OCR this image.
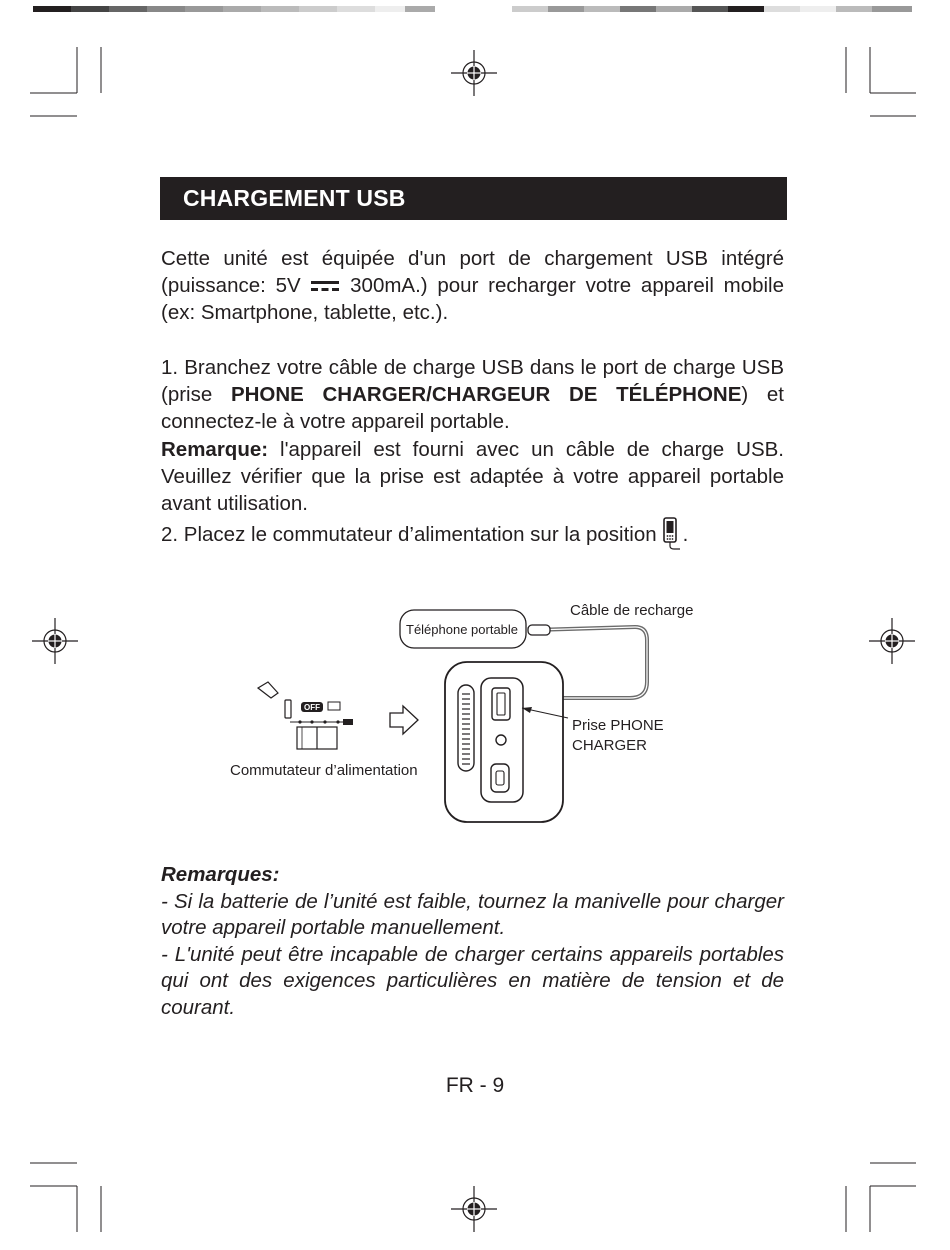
CHARGEMENT USB

Cette unité est équipée d'un port de chargement USB intégré (puissance: 5V 300mA.) pour recharger votre appareil mobile (ex: Smartphone, tablette, etc.).

1. Branchez votre câble de charge USB dans le port de charge USB (prise PHONE CHARGER/CHARGEUR DE TÉLÉPHONE) et connectez-le à votre appareil portable.
Remarque: l'appareil est fourni avec un câble de charge USB. Veuillez vérifier que la prise est adaptée à votre appareil portable avant utilisation.
2. Placez le commutateur d’alimentation sur la position .

OFF
Téléphone portable
Câble de recharge
Prise PHONE
CHARGER
Commutateur d’alimentation

Remarques:
- Si la batterie de l’unité est faible, tournez la manivelle pour charger votre appareil portable manuellement.
- L'unité peut être incapable de charger certains appareils portables qui ont des exigences particulières en matière de tension et de courant.

FR - 9
